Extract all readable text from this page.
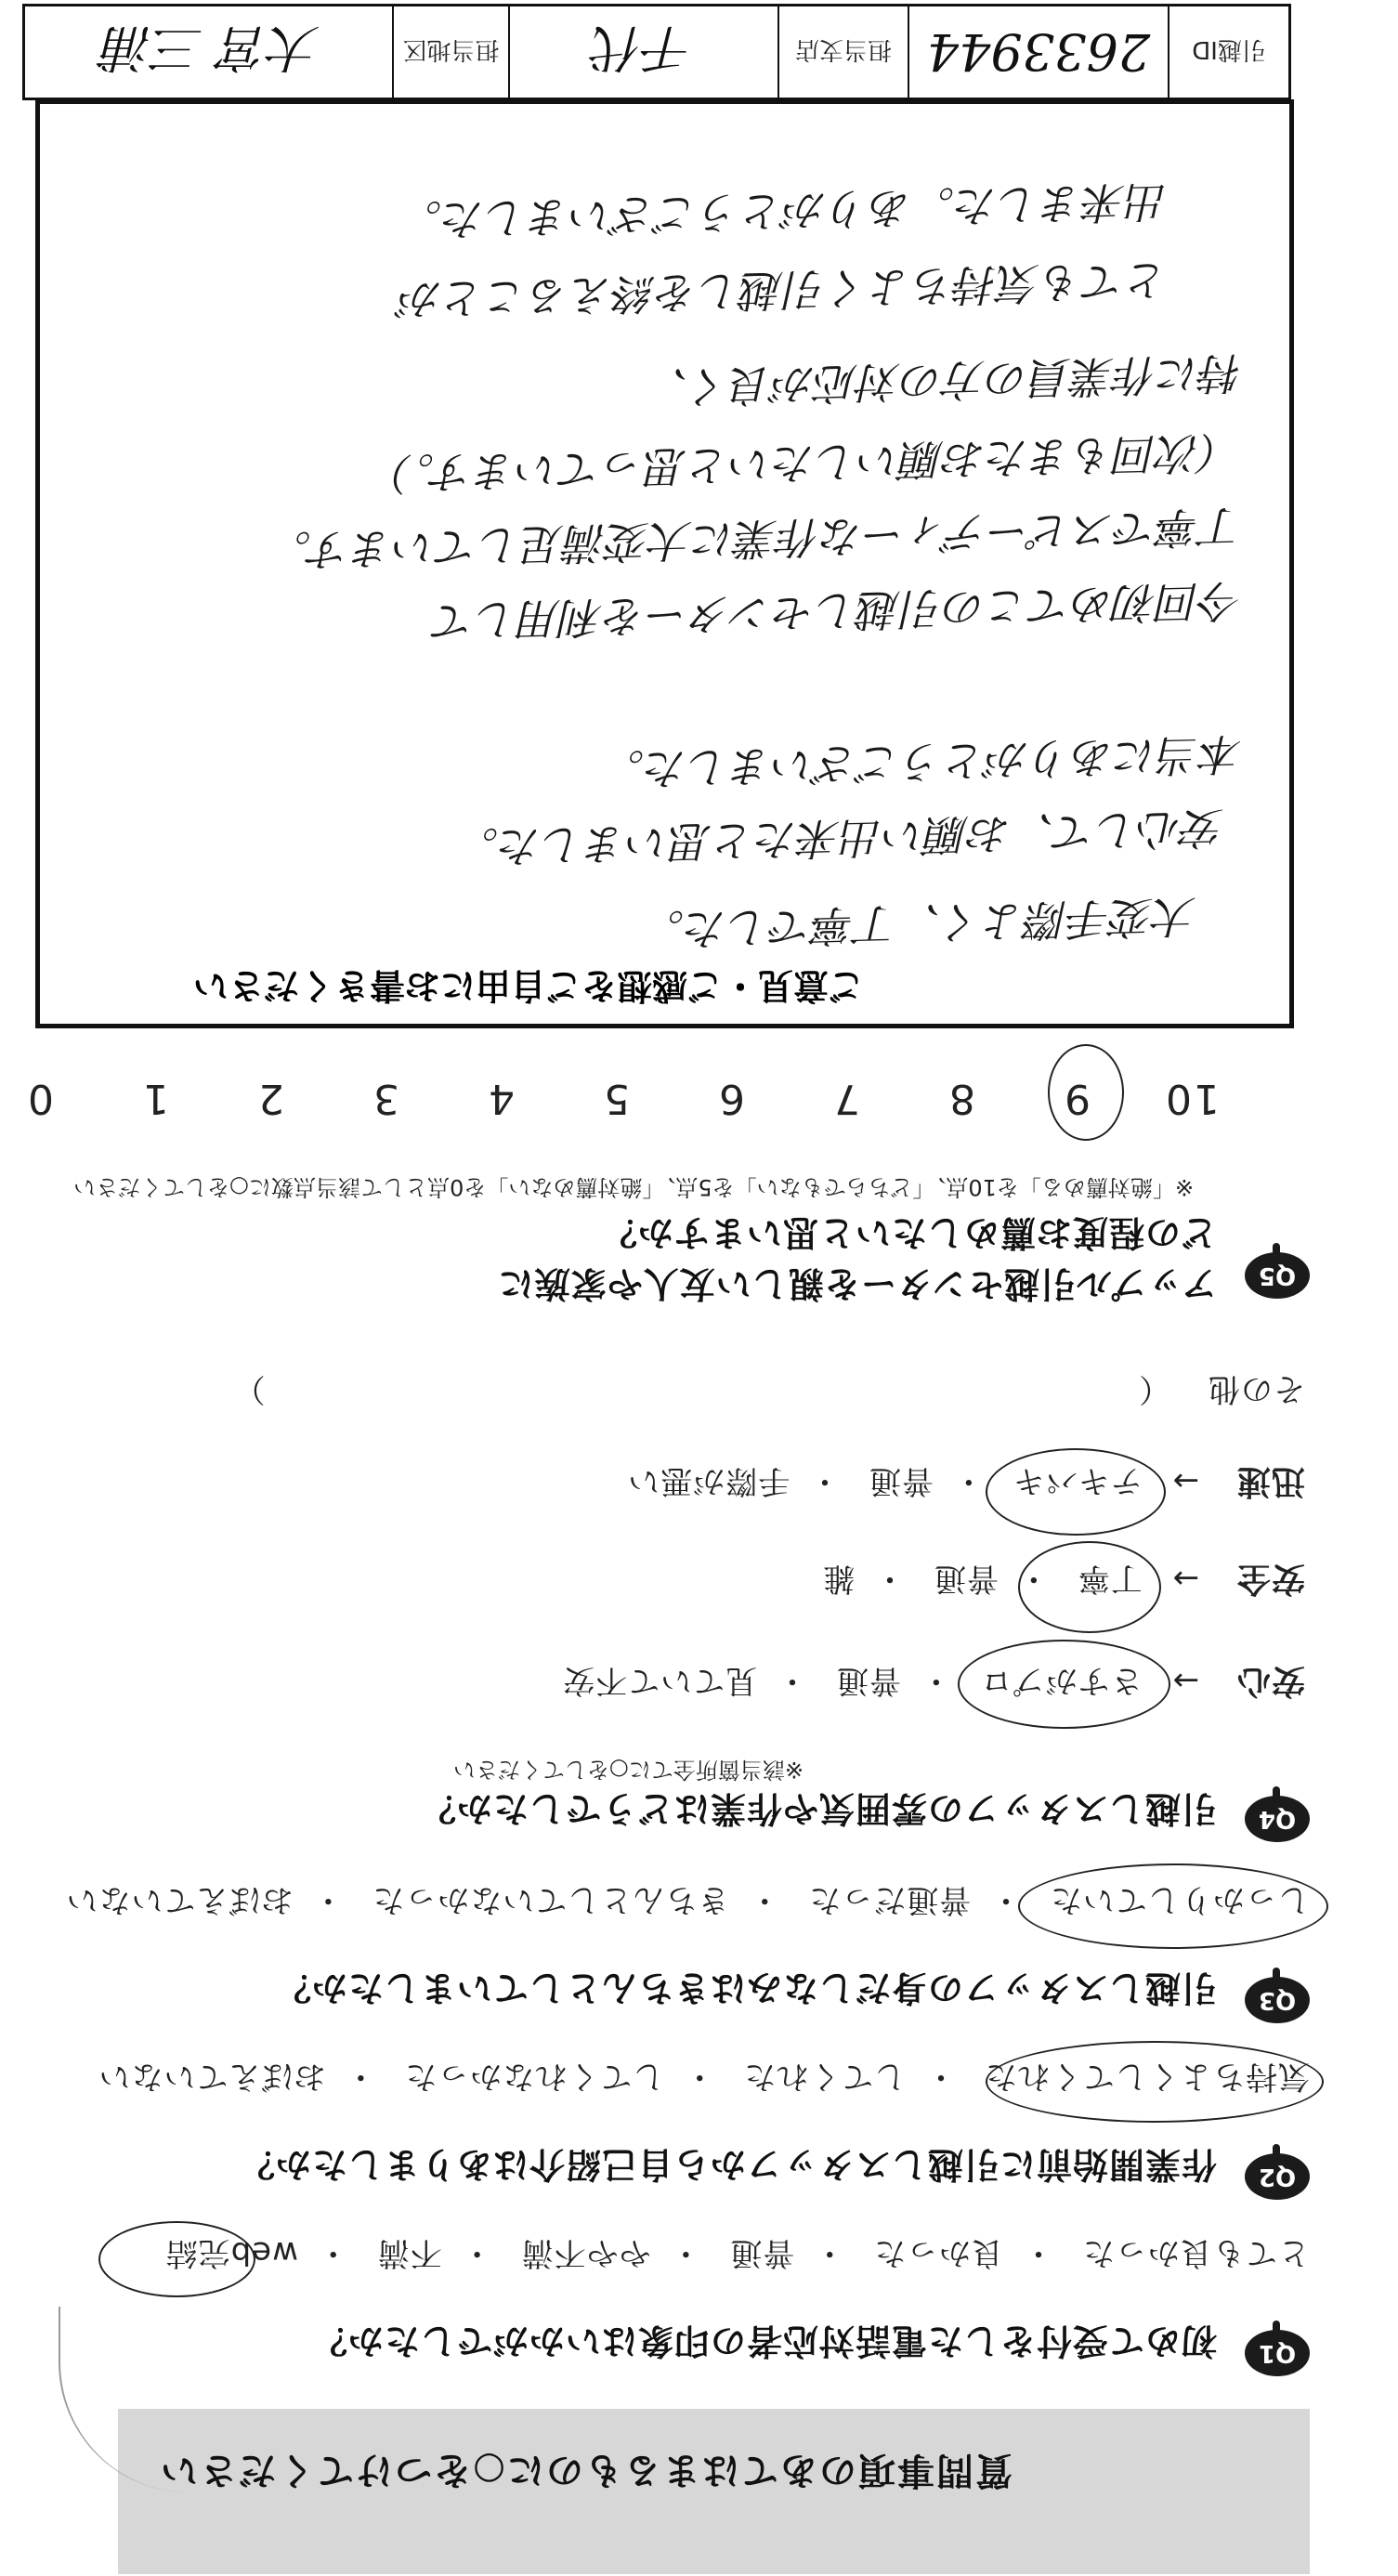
質問事項のあてはまるものに○をつけてください
Q1
初めて受付をした電話対応者の印象はいかがでしたか？
とても良かった・ 良かった・ 普通・ やや不満・ 不満・ web完結
Q2
作業開始前に引越しスタッフから自己紹介はありましたか？
気持ちよくしてくれた・ してくれた・ してくれなかった・ おぼえていない
Q3
引越しスタッフの身だしなみはきちんとしていましたか？
しっかりしていた・ 普通だった・ きちんとしていなかった・ おぼえていない
Q4
引越しスタッフの雰囲気や作業はどうでしたか？
※該当箇所全てに○をしてください
安心 → さすがプロ・ 普通・ 見ていて不安
安全 → 丁寧・ 普通・ 雑
迅速 → テキパキ・ 普通・ 手際が悪い
その他 （  ）
Q5
アップル引越センターを親しい友人や家族に
どの程度お薦めしたいと思いますか？
※「絶対薦める」を10点、「どちらでもない」を5点、「絶対薦めない」を0点として該当点数に○をしてください
109876543210
ご意見・ご感想をご自由にお書きください
大変手際よく、丁寧でした。
安心して、お願い出来たと思いました。
本当にありがとうございました。
今回初めてこの引越しセンターを利用して
丁寧でスピーディーな作業に大変満足しています。
（次回もまたお願いしたいと思っています。）
特に作業員の方の対応が良く、
とても気持ちよく引越しを終えることが
出来ました。ありがとうございました。
引越ID
2633944
担当支店
千代
担当地区
大宮 三浦
